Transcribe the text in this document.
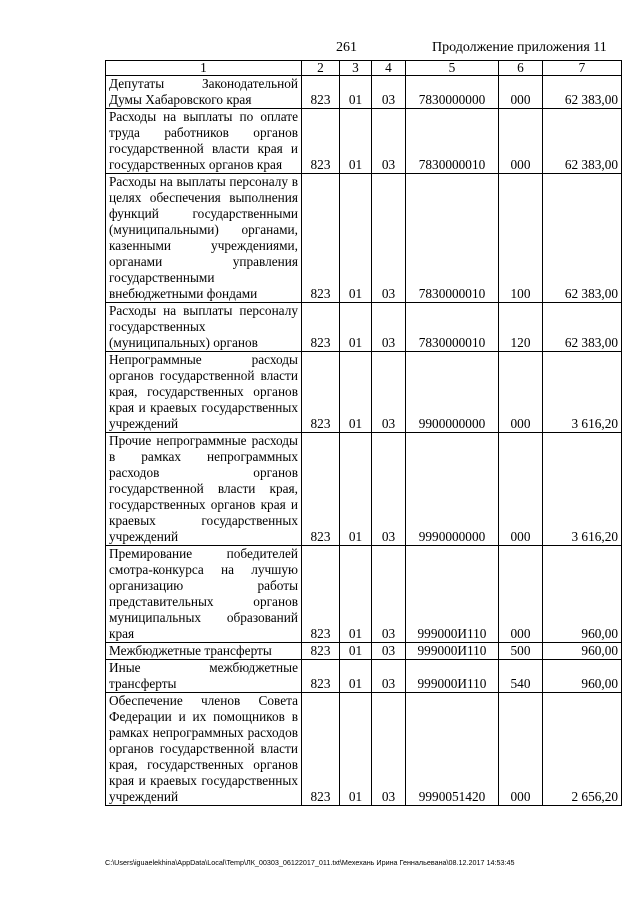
261	Продолжение приложения 11
1	2	3	4	5	6	7
Депутаты Законодательной Думы Хабаровского края	823	01	03	7830000000	000	62 383,00
Расходы на выплаты по оплате труда работников органов государственной власти края и государственных органов края	823	01	03	7830000010	000	62 383,00
Расходы на выплаты персоналу в целях обеспечения выполнения функций государственными (муниципальными) органами, казенными учреждениями, органами управления государственными внебюджетными фондами	823	01	03	7830000010	100	62 383,00
Расходы на выплаты персоналу государственных (муниципальных) органов	823	01	03	7830000010	120	62 383,00
Непрограммные расходы органов государственной власти края, государственных органов края и краевых государственных учреждений	823	01	03	9900000000	000	3 616,20
Прочие непрограммные расходы в рамках непрограммных расходов органов государственной власти края, государственных органов края и краевых государственных учреждений	823	01	03	9990000000	000	3 616,20
Премирование победителей смотра-конкурса на лучшую организацию работы представительных органов муниципальных образований края	823	01	03	999000И110	000	960,00
Межбюджетные трансферты	823	01	03	999000И110	500	960,00
Иные межбюджетные трансферты	823	01	03	999000И110	540	960,00
Обеспечение членов Совета Федерации и их помощников в рамках непрограммных расходов органов государственной власти края, государственных органов края и краевых государственных учреждений	823	01	03	9990051420	000	2 656,20
C:\Users\iguaelekhina\AppData\Local\Temp\ЛК_00303_06122017_011.txt\Мехехань Ирина Геннальевана\08.12.2017 14:53:45
